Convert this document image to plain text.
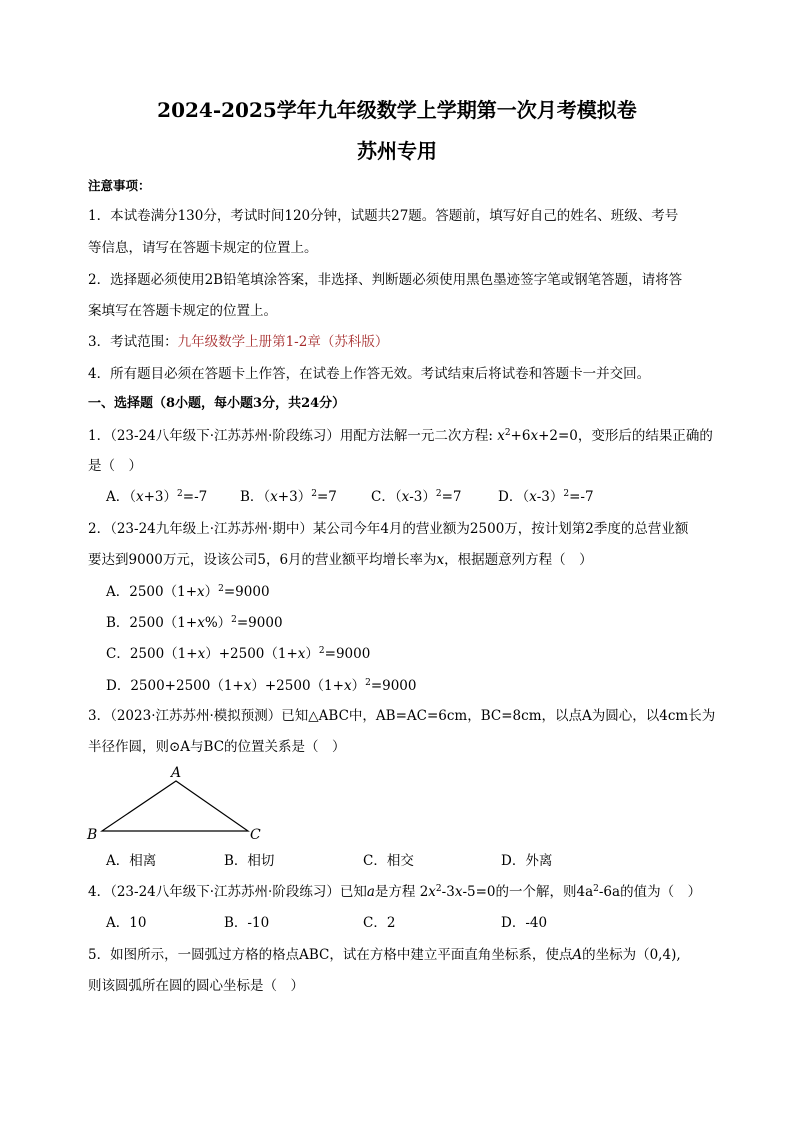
2024-2025学年九年级数学上学期第一次月考模拟卷
苏州专用
注意事项：
1．本试卷满分130分，考试时间120分钟，试题共27题。答题前，填写好自己的姓名、班级、考号
等信息，请写在答题卡规定的位置上。
2．选择题必须使用2B铅笔填涂答案，非选择、判断题必须使用黑色墨迹签字笔或钢笔答题，请将答
案填写在答题卡规定的位置上。
3．考试范围：九年级数学上册第1-2章（苏科版）
4．所有题目必须在答题卡上作答，在试卷上作答无效。考试结束后将试卷和答题卡一并交回。
一、选择题（8小题，每小题3分，共24分）
1．（23-24八年级下·江苏苏州·阶段练习）用配方法解一元二次方程: $x^2+6x+2=0$，变形后的结果正确的
是（　）
A．$(x+3)^2=-7$ B．$(x+3)^2=7$	C．$(x-3)^2=7$	D．$(x-3)^2=-7$
2．（23-24九年级上·江苏苏州·期中）某公司今年4月的营业额为2500万，按计划第2季度的总营业额
要达到9000万元，设该公司5，6月的营业额平均增长率为x，根据题意列方程（　）
A．$2500(1+x)^2=9000$
B．$2500(1+x\%)^2=9000$
C．$2500(1+x)+2500(1+x)^2=9000$
D．$2500+2500(1+x)+2500(1+x)^2=9000$
3．（2023·江苏苏州·模拟预测）已知△ABC中，AB=AC=6cm，BC=8cm，以点A为圆心，以4cm长为
半径作圆，则⊙A与BC的位置关系是（　）
A
B	C
A．相离	B．相切	C．相交	D．外离
4．（23-24八年级下·江苏苏州·阶段练习）已知a是方程 $2x^2-3x-5=0$的一个解，则$4a^2-6a$的值为（　）
A．10	B．-10	C．2	D．-40
5．如图所示，一圆弧过方格的格点ABC，试在方格中建立平面直角坐标系，使点A的坐标为（0,4),
则该圆弧所在圆的圆心坐标是（　）
